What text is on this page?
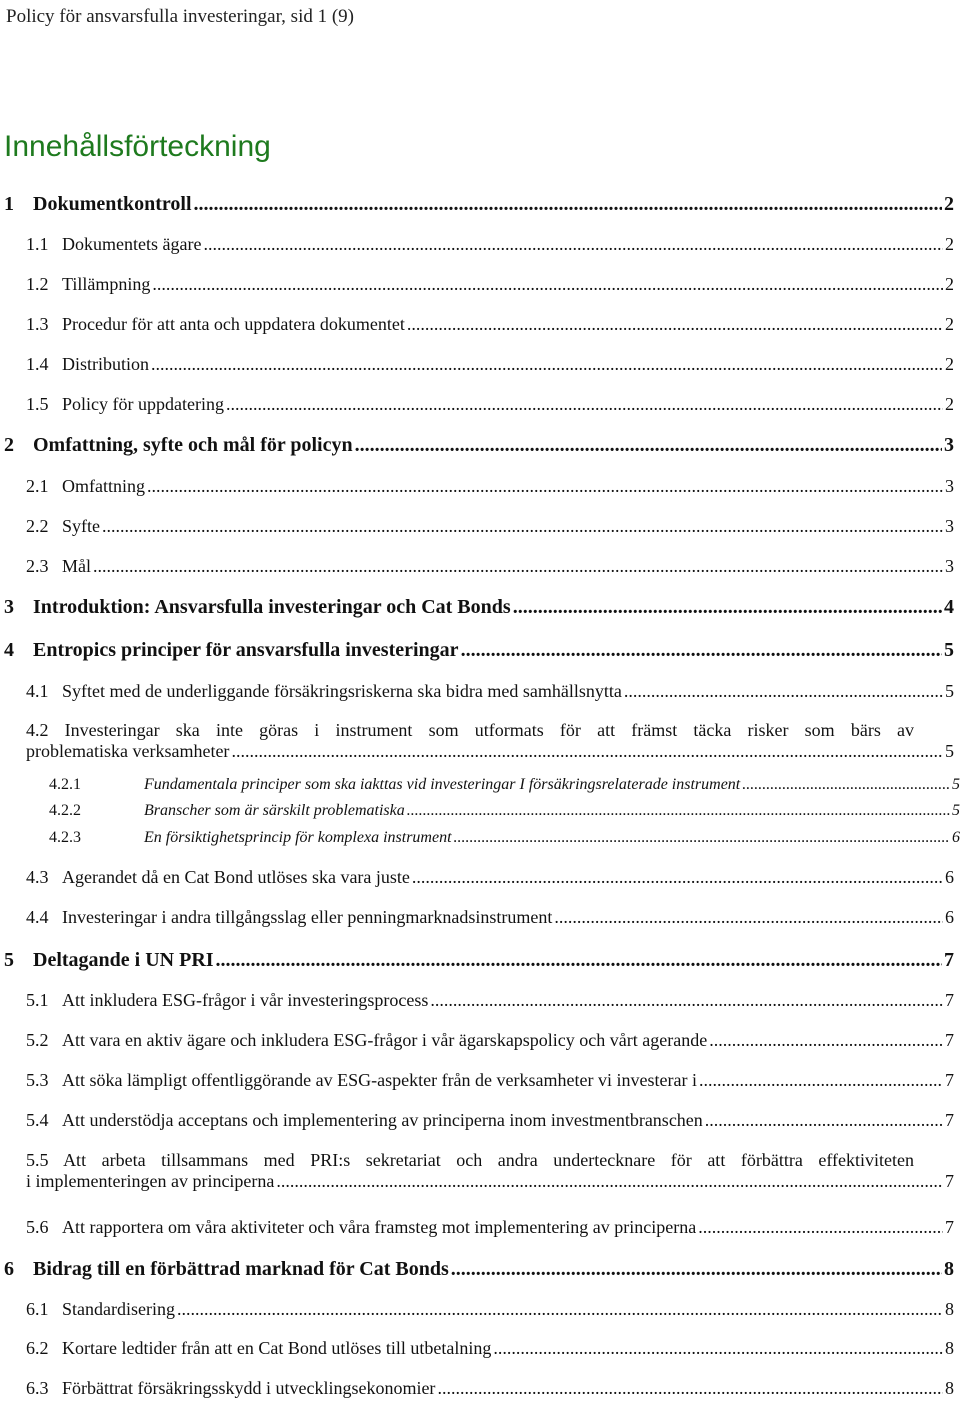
Policy för ansvarsfulla investeringar, sid 1 (9)
Innehållsförteckning
1 Dokumentkontroll .....	2
1.1 Dokumentets ägare .....	2
1.2 Tillämpning .....	2
1.3 Procedur för att anta och uppdatera dokumentet .....	2
1.4 Distribution .....	2
1.5 Policy för uppdatering .....	2
2 Omfattning, syfte och mål för policyn .....	3
2.1 Omfattning .....	3
2.2 Syfte .....	3
2.3 Mål .....	3
3 Introduktion: Ansvarsfulla investeringar och Cat Bonds .....	4
4 Entropics principer för ansvarsfulla investeringar .....	5
4.1 Syftet med de underliggande försäkringsriskerna ska bidra med samhällsnytta .....	5
4.2 Investeringar ska inte göras i instrument som utformats för att främst täcka risker som bärs av
problematiska verksamheter .....	5
4.2.1	Fundamentala principer som ska iakttas vid investeringar I försäkringsrelaterade instrument .....	5
4.2.2	Branscher som är särskilt problematiska .....	5
4.2.3	En försiktighetsprincip för komplexa instrument .....	6
4.3 Agerandet då en Cat Bond utlöses ska vara juste .....	6
4.4 Investeringar i andra tillgångsslag eller penningmarknadsinstrument .....	6
5 Deltagande i UN PRI .....	7
5.1 Att inkludera ESG-frågor i vår investeringsprocess .....	7
5.2 Att vara en aktiv ägare och inkludera ESG-frågor i vår ägarskapspolicy och vårt agerande .....	7
5.3 Att söka lämpligt offentliggörande av ESG-aspekter från de verksamheter vi investerar i .....	7
5.4 Att understödja acceptans och implementering av principerna inom investmentbranschen .....	7
5.5 Att arbeta tillsammans med PRI:s sekretariat och andra undertecknare för att förbättra effektiviteten
i implementeringen av principerna .....	7
5.6 Att rapportera om våra aktiviteter och våra framsteg mot implementering av principerna .....	7
6 Bidrag till en förbättrad marknad för Cat Bonds .....	8
6.1 Standardisering .....	8
6.2 Kortare ledtider från att en Cat Bond utlöses till utbetalning .....	8
6.3 Förbättrat försäkringsskydd i utvecklingsekonomier .....	8
